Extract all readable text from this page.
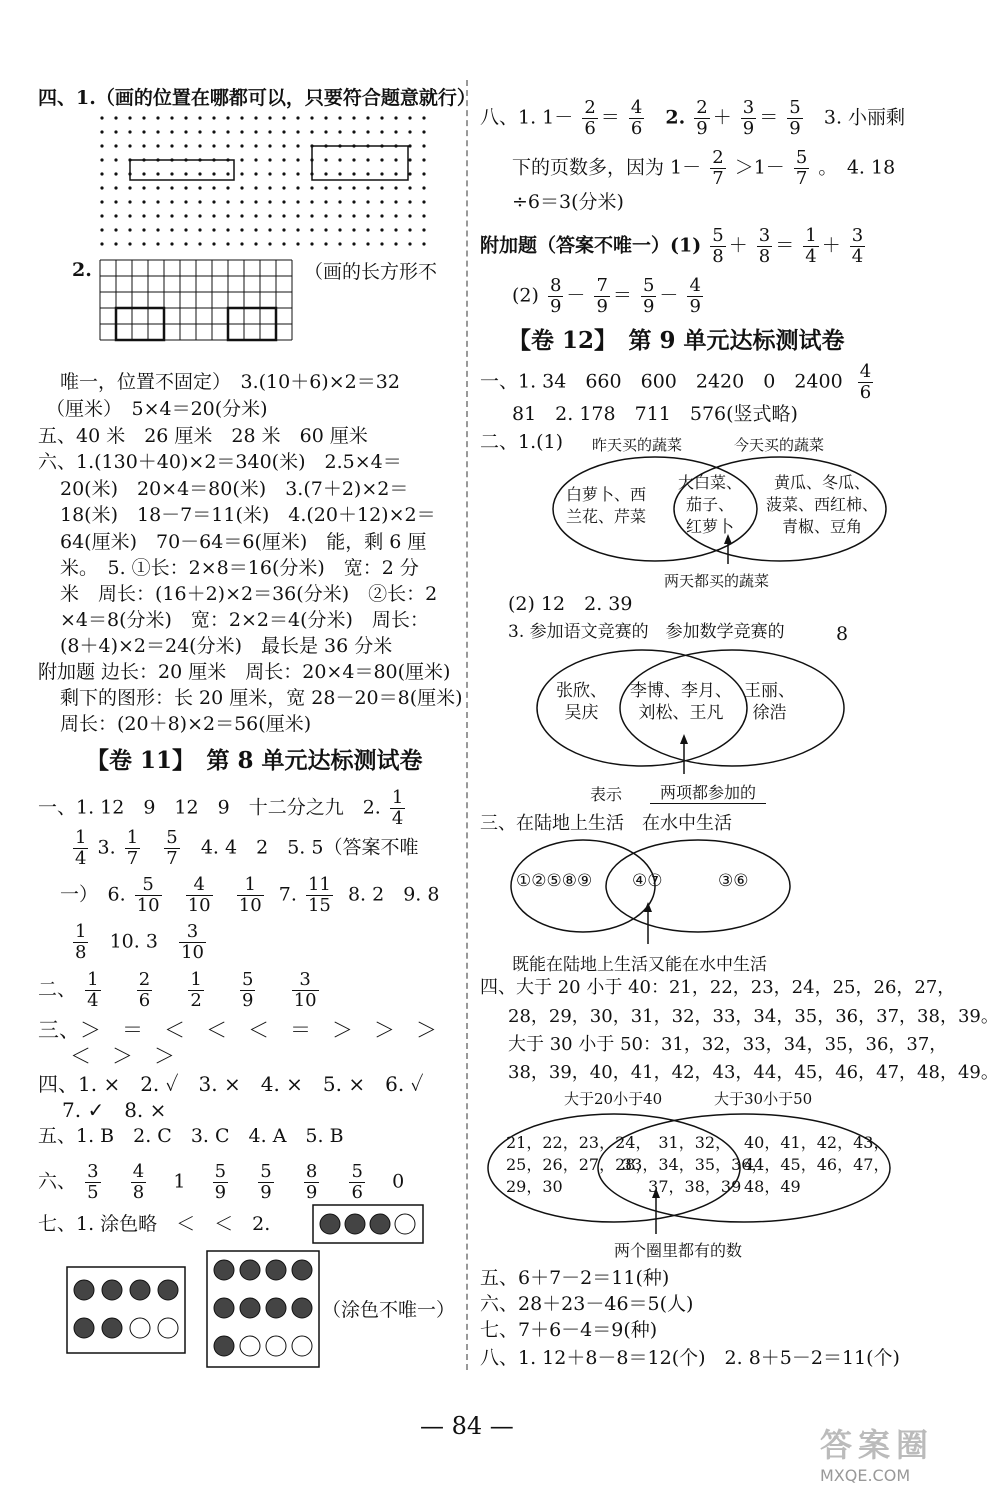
四、1.（画的位置在哪都可以，只要符合题意就行）
2.	（画的长方形不
唯一，位置不固定）　3.(10＋6)×2＝32
（厘米）　5×4＝20(分米)
五、40 米　26 厘米　28 米　60 厘米
六、1.(130＋40)×2＝340(米)　2.5×4＝
20(米)　20×4＝80(米)　3.(7＋2)×2＝
18(米)　18－7＝11(米)　4.(20＋12)×2＝
64(厘米)　70－64＝6(厘米)　能，剩 6 厘
米。　5. ①长：2×8＝16(分米)　宽：2 分
米　周长：(16＋2)×2＝36(分米)　②长：2
×4＝8(分米)　宽：2×2＝4(分米)　周长：
(8＋4)×2＝24(分米)　最长是 36 分米
附加题 边长：20 厘米　周长：20×4＝80(厘米)
剩下的图形：长 20 厘米，宽 28－20＝8(厘米)
周长：(20＋8)×2＝56(厘米)
【卷 11】　第 8 单元达标测试卷
一、1. 12　9　12　9　十二分之九　2. $\frac{1}{4}$
$\frac{1}{4} 3$. $\frac{1}{7}$
$\frac{5}{7} 4$. 4　2　5. 5（答案不唯
一）　6. $\frac{5}{10}$
$\frac{4}{10}$
$\frac{1}{10} 7$. $\frac{11}{15} 8$. 2　9. 8
$\frac{1}{8} 10$. $3 \frac{3}{10}$
二、 $\frac{1}{4}$
$\frac{2}{6}$
$\frac{1}{2}$
$\frac{5}{9}$
$\frac{3}{10}$
三、＞　＝　＜　＜　＜　＝　＞　＞　＞
＜　＞　＞
四、1. ×　2. ✓　3. ×　4. ×　5. ×　6. ✓
7. ✓　8. ×
五、1. B　2. C　3. C　4. A　5. B
六、 $\frac{3}{5}$
$\frac{4}{8} 1 \frac{5}{9}$
$\frac{5}{9}$
$\frac{8}{9}$
$\frac{5}{6} 0$
七、1. 涂色略　＜　＜　2.
（涂色不唯一）
八、1. $1- \frac{2}{6} = \frac{4}{6} 2$. $\frac{2}{9} + \frac{3}{9} = \frac{5}{9} 3$. 小丽剩
下的页数多，因为 $1- \frac{2}{7} >1- \frac{5}{7}$ 。　4. 18
÷6＝3(分米)
附加题（答案不唯一）$(1) \frac{5}{8} + \frac{3}{8} = \frac{1}{4} + \frac{3}{4}$
$(2) \frac{8}{9} - \frac{7}{9} = \frac{5}{9} - \frac{4}{9}$
【卷 12】　第 9 单元达标测试卷
一、1. 34　660　600　2420　0　$2400 \frac{4}{6}$
81　2. 178　711　576(竖式略)
二、1.(1) 昨天买的蔬菜	今天买的蔬菜
白萝卜、西
兰花、芹菜
大白菜、
茄子、
红萝卜
黄瓜、冬瓜、
菠菜、西红柿、
青椒、豆角
两天都买的蔬菜
(2) 12　2. 39
3. 参加语文竞赛的　参加数学竞赛的	8
张欣、
吴庆
李博、李月、
刘松、王凡
王丽、
徐浩
表示	两项都参加的
三、在陆地上生活　在水中生活
①②⑤⑧⑨ ④⑦	③⑥
既能在陆地上生活又能在水中生活
四、大于 20 小于 40：21，22，23，24，25，26，27，
28，29，30，31，32，33，34，35，36，37，38，39。
大于 30 小于 50：31，32，33，34，35，36，37，
38，39，40，41，42，43，44，45，46，47，48，49。
大于20小于40	大于30小于50
21，22，23，24，
25，26，27，28，
29，30
31，32，
33，34，35，36，
37，38，39
40，41，42，43，
44，45，46，47，
48，49
两个圈里都有的数
五、6＋7－2＝11(种)
六、28＋23－46＝5(人)
七、7＋6－4＝9(种)
八、1. 12＋8－8＝12(个)　2. 8＋5－2＝11(个)
— 84 —	答案圈
MXQE.COM
